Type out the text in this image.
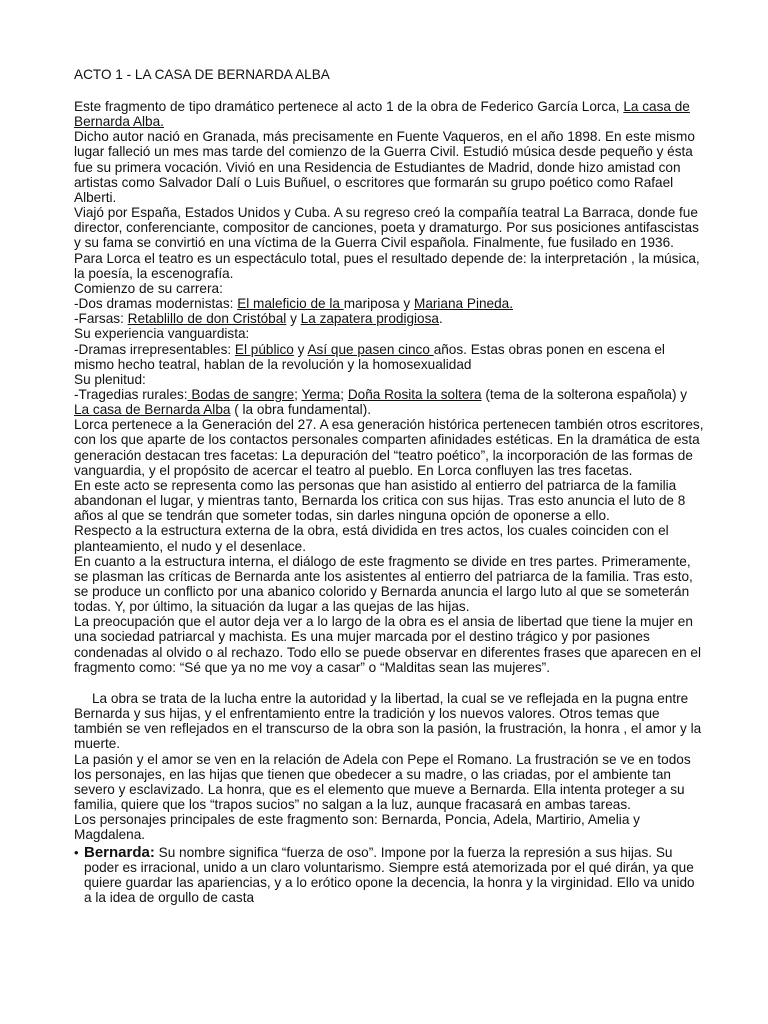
ACTO 1 - LA CASA DE BERNARDA ALBA

Este fragmento de tipo dramático pertenece al acto 1 de la obra de Federico García Lorca, La casa de Bernarda Alba.

Dicho autor nació en Granada, más precisamente en Fuente Vaqueros, en el año 1898. En este mismo lugar falleció un mes mas tarde del comienzo de la Guerra Civil. Estudió música desde pequeño y ésta fue su primera vocación. Vivió en una Residencia de Estudiantes de Madrid, donde hizo amistad con artistas como Salvador Dalí o Luis Buñuel, o escritores que formarán su grupo poético como Rafael Alberti.

Viajó por España, Estados Unidos y Cuba. A su regreso creó la compañía teatral La Barraca, donde fue director, conferenciante, compositor de canciones, poeta y dramaturgo. Por sus posiciones antifascistas y su fama se convirtió en una víctima de la Guerra Civil española. Finalmente, fue fusilado en 1936.

Para Lorca el teatro es un espectáculo total, pues el resultado depende de: la interpretación , la música, la poesía, la escenografía.

Comienzo de su carrera:

-Dos dramas modernistas: El maleficio de la mariposa y Mariana Pineda.

-Farsas: Retablillo de don Cristóbal y La zapatera prodigiosa.

Su experiencia vanguardista:

-Dramas irrepresentables: El público y Así que pasen cinco años. Estas obras ponen en escena el mismo hecho teatral, hablan de la revolución y la homosexualidad

Su plenitud:

-Tragedias rurales: Bodas de sangre; Yerma; Doña Rosita la soltera (tema de la solterona española) y La casa de Bernarda Alba ( la obra fundamental).

Lorca pertenece a la Generación del 27. A esa generación histórica pertenecen también otros escritores, con los que aparte de los contactos personales comparten afinidades estéticas. En la dramática de esta generación destacan tres facetas: La depuración del “teatro poético”, la incorporación de las formas de vanguardia, y el propósito de acercar el teatro al pueblo. En Lorca confluyen las tres facetas.

En este acto se representa como las personas que han asistido al entierro del patriarca de la familia abandonan el lugar, y mientras tanto, Bernarda los critica con sus hijas. Tras esto anuncia el luto de 8 años al que se tendrán que someter todas, sin darles ninguna opción de oponerse a ello.

Respecto a la estructura externa de la obra, está dividida en tres actos, los cuales coinciden con el planteamiento, el nudo y el desenlace.

En cuanto a la estructura interna, el diálogo de este fragmento se divide en tres partes. Primeramente, se plasman las críticas de Bernarda ante los asistentes al entierro del patriarca de la familia. Tras esto, se produce un conflicto por una abanico colorido y Bernarda anuncia el largo luto al que se someterán todas. Y, por último, la situación da lugar a las quejas de las hijas.

La preocupación que el autor deja ver a lo largo de la obra es el ansia de libertad que tiene la mujer en una sociedad patriarcal y machista. Es una mujer marcada por el destino trágico y por pasiones condenadas al olvido o al rechazo. Todo ello se puede observar en diferentes frases que aparecen en el fragmento como: “Sé que ya no me voy a casar” o “Malditas sean las mujeres”.

La obra se trata de la lucha entre la autoridad y la libertad, la cual se ve reflejada en la pugna entre Bernarda y sus hijas, y el enfrentamiento entre la tradición y los nuevos valores. Otros temas que también se ven reflejados en el transcurso de la obra son la pasión, la frustración, la honra , el amor y la muerte.

La pasión y el amor se ven en la relación de Adela con Pepe el Romano. La frustración se ve en todos los personajes, en las hijas que tienen que obedecer a su madre, o las criadas, por el ambiente tan severo y esclavizado. La honra, que es el elemento que mueve a Bernarda. Ella intenta proteger a su familia, quiere que los “trapos sucios” no salgan a la luz, aunque fracasará en ambas tareas.

Los personajes principales de este fragmento son: Bernarda, Poncia, Adela, Martirio, Amelia y Magdalena.

• Bernarda: Su nombre significa “fuerza de oso”. Impone por la fuerza la represión a sus hijas. Su poder es irracional, unido a un claro voluntarismo. Siempre está atemorizada por el qué dirán, ya que quiere guardar las apariencias, y a lo erótico opone la decencia, la honra y la virginidad. Ello va unido a la idea de orgullo de casta
